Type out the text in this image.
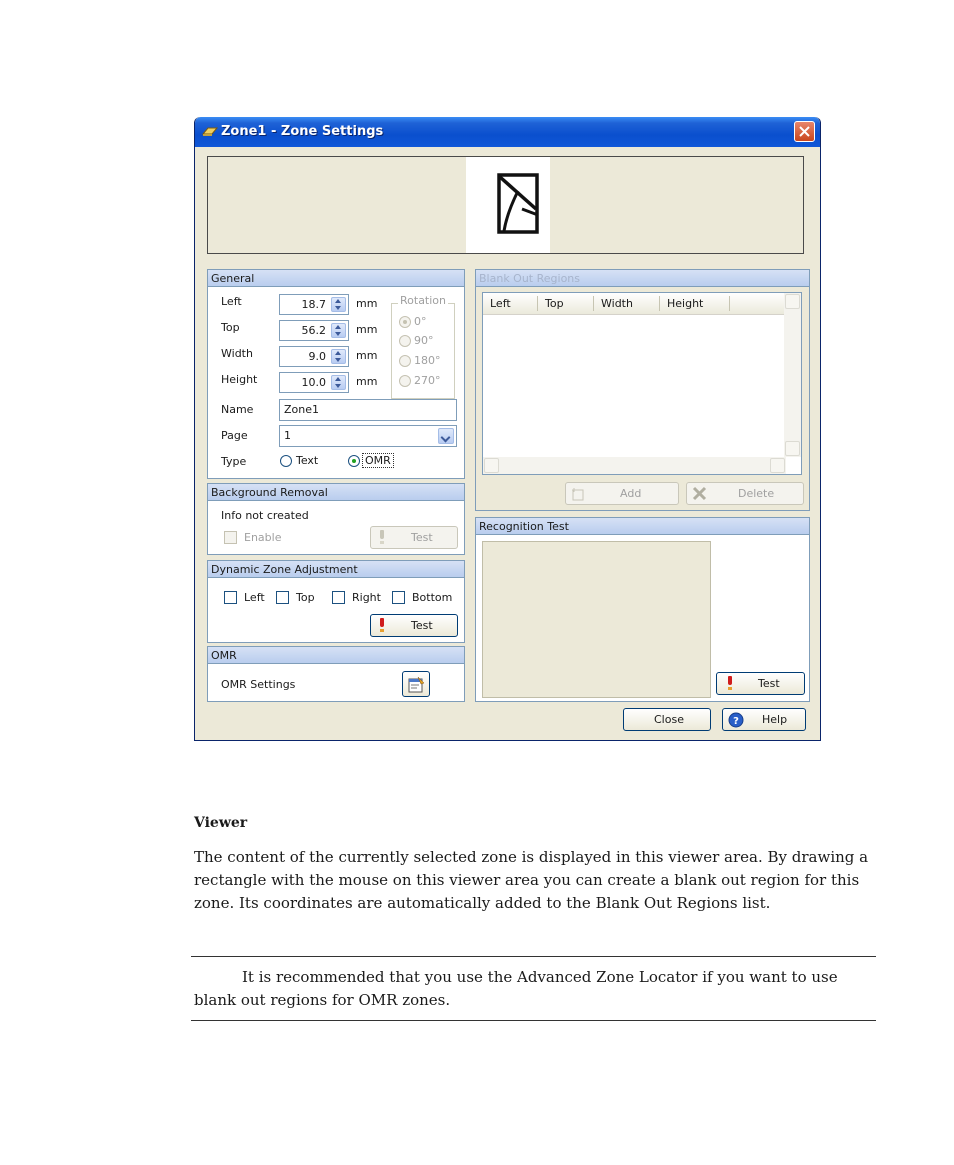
Zone1 - Zone Settings
General
Left	18.7	mm
Top	56.2	mm
Width	9.0	mm
Height	10.0	mm
Rotation
0°
90°
180°
270°
Name	Zone1
Page	1
Type	Text	OMR
Background Removal
Info not created
Enable	Test
Dynamic Zone Adjustment
Left	Top	Right	Bottom
Test
OMR
OMR Settings
Blank Out Regions
Left	Top	Width	Height
Add	Delete
Recognition Test
Test
Close	? Help
Viewer
The content of the currently selected zone is displayed in this viewer area. By drawing a rectangle with the mouse on this viewer area you can create a blank out region for this zone. Its coordinates are automatically added to the Blank Out Regions list.
It is recommended that you use the Advanced Zone Locator if you want to use blank out regions for OMR zones.
